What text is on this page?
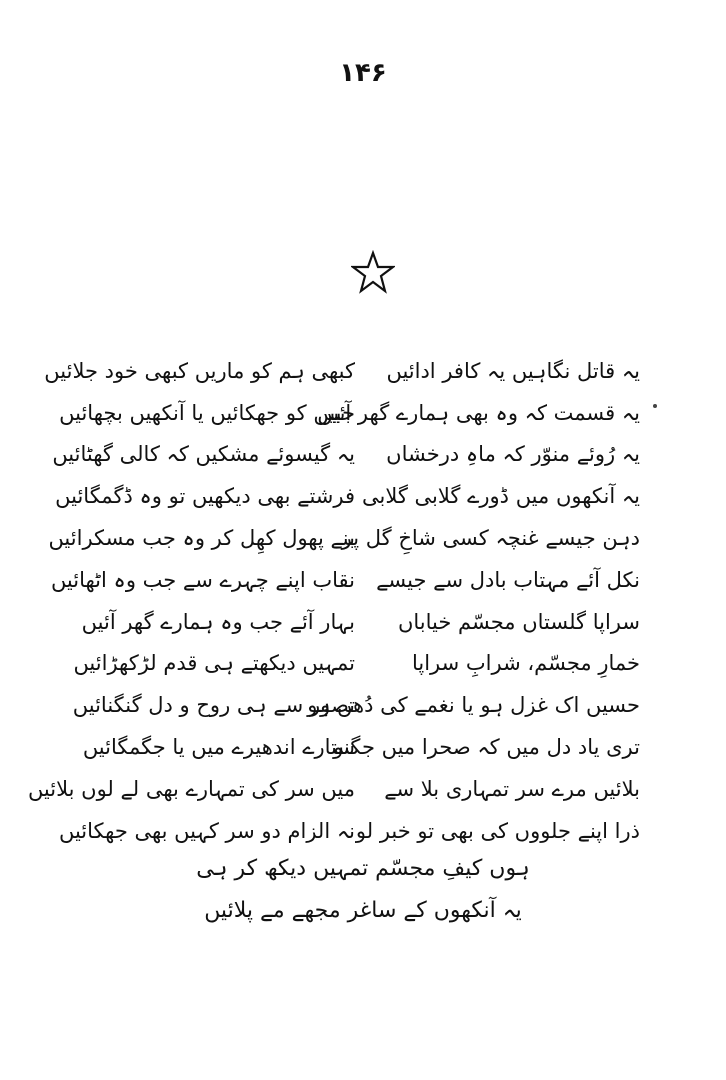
۱۴۶
یہ قاتل نگاہیں یہ کافر ادائیں
کبھی ہم کو ماریں کبھی خود جلائیں
یہ قسمت کہ وہ بھی ہمارے گھر آئیں
جبیں کو جھکائیں یا آنکھیں بچھائیں
یہ رُوئے منوّر کہ ماہِ درخشاں
یہ گیسوئے مشکیں کہ کالی گھٹائیں
یہ آنکھوں میں ڈورے گلابی گلابی
فرشتے بھی دیکھیں تو وہ ڈگمگائیں
دہن جیسے غنچہ کسی شاخِ گل پر
بنے پھول کھِل کر وہ جب مسکرائیں
نکل آئے مہتاب بادل سے جیسے
نقاب اپنے چہرے سے جب وہ اٹھائیں
سراپا گلستاں مجسّم خیاباں
بہار آئے جب وہ ہمارے گھر آئیں
خمارِ مجسّم، شرابِ سراپا
تمہیں دیکھتے ہی قدم لڑکھڑائیں
حسیں اک غزل ہو یا نغمے کی دُھن ہو
تصور سے ہی روح و دل گنگنائیں
تری یاد دل میں کہ صحرا میں جگنو
ستارے اندھیرے میں یا جگمگائیں
بلائیں مرے سر تمہاری بلا سے
میں سر کی تمہارے بھی لے لوں بلائیں
ذرا اپنے جلووں کی بھی تو خبر لو
نہ الزام دو سر کہیں بھی جھکائیں
ہوں کیفِ مجسّم تمہیں دیکھ کر ہی
یہ آنکھوں کے ساغر مجھے مے پلائیں
